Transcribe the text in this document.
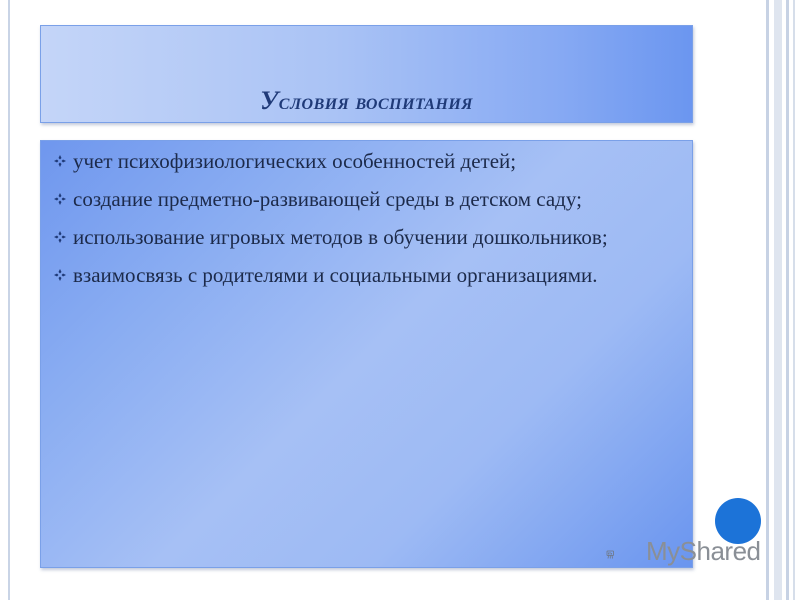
Условия воспитания
учет психофизиологических особенностей детей;
создание предметно-развивающей среды в детском саду;
использование игровых методов в обучении дошкольников;
взаимосвязь с родителями и социальными организациями.
MyShared
